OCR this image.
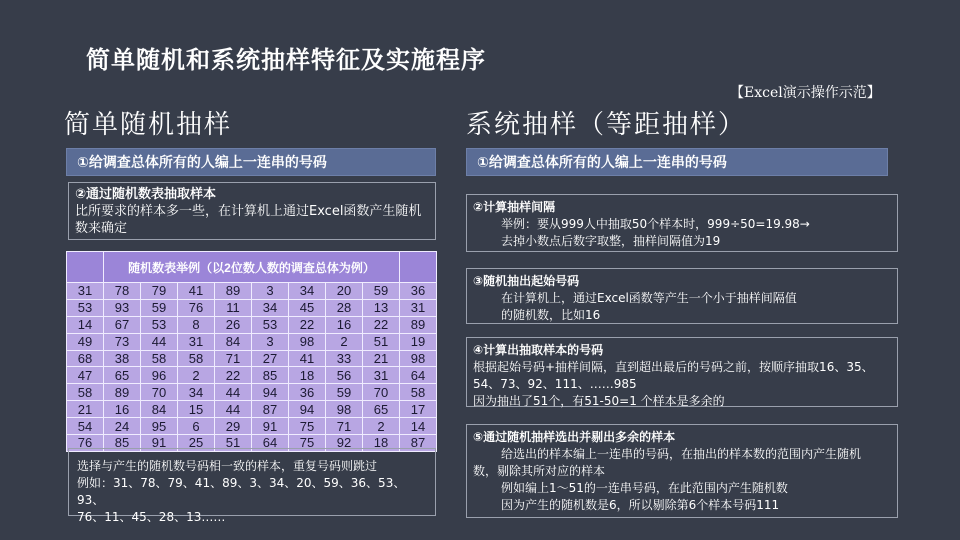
简单随机和系统抽样特征及实施程序
【Excel演示操作示范】
简单随机抽样
①给调查总体所有的人编上一连串的号码
②通过随机数表抽取样本
比所要求的样本多一些，在计算机上通过Excel函数产生随机数来确定
	随机数表举例（以2位数人数的调查总体为例）								
31	78	79	41	89	3	34	20	59	36
53	93	59	76	11	34	45	28	13	31
14	67	53	8	26	53	22	16	22	89
49	73	44	31	84	3	98	2	51	19
68	38	58	58	71	27	41	33	21	98
47	65	96	2	22	85	18	56	31	64
58	89	70	34	44	94	36	59	70	58
21	16	84	15	44	87	94	98	65	17
54	24	95	6	29	91	75	71	2	14
76	85	91	25	51	64	75	92	18	87
选择与产生的随机数号码相一致的样本，重复号码则跳过
例如：31、78、79、41、89、3、34、20、59、36、53、93、
76、11、45、28、13……
系统抽样（等距抽样）
①给调查总体所有的人编上一连串的号码
②计算抽样间隔
举例：要从999人中抽取50个样本时，999÷50=19.98→
去掉小数点后数字取整，抽样间隔值为19
③随机抽出起始号码
在计算机上，通过Excel函数等产生一个小于抽样间隔值
的随机数，比如16
④计算出抽取样本的号码
根据起始号码+抽样间隔，直到超出最后的号码之前，按顺序抽取16、35、
54、73、92、111、……985
因为抽出了51个，有51-50=1 个样本是多余的
⑤通过随机抽样选出并剔出多余的样本
给选出的样本编上一连串的号码，在抽出的样本数的范围内产生随机
数，剔除其所对应的样本
例如编上1～51的一连串号码，在此范围内产生随机数
因为产生的随机数是6，所以剔除第6个样本号码111
